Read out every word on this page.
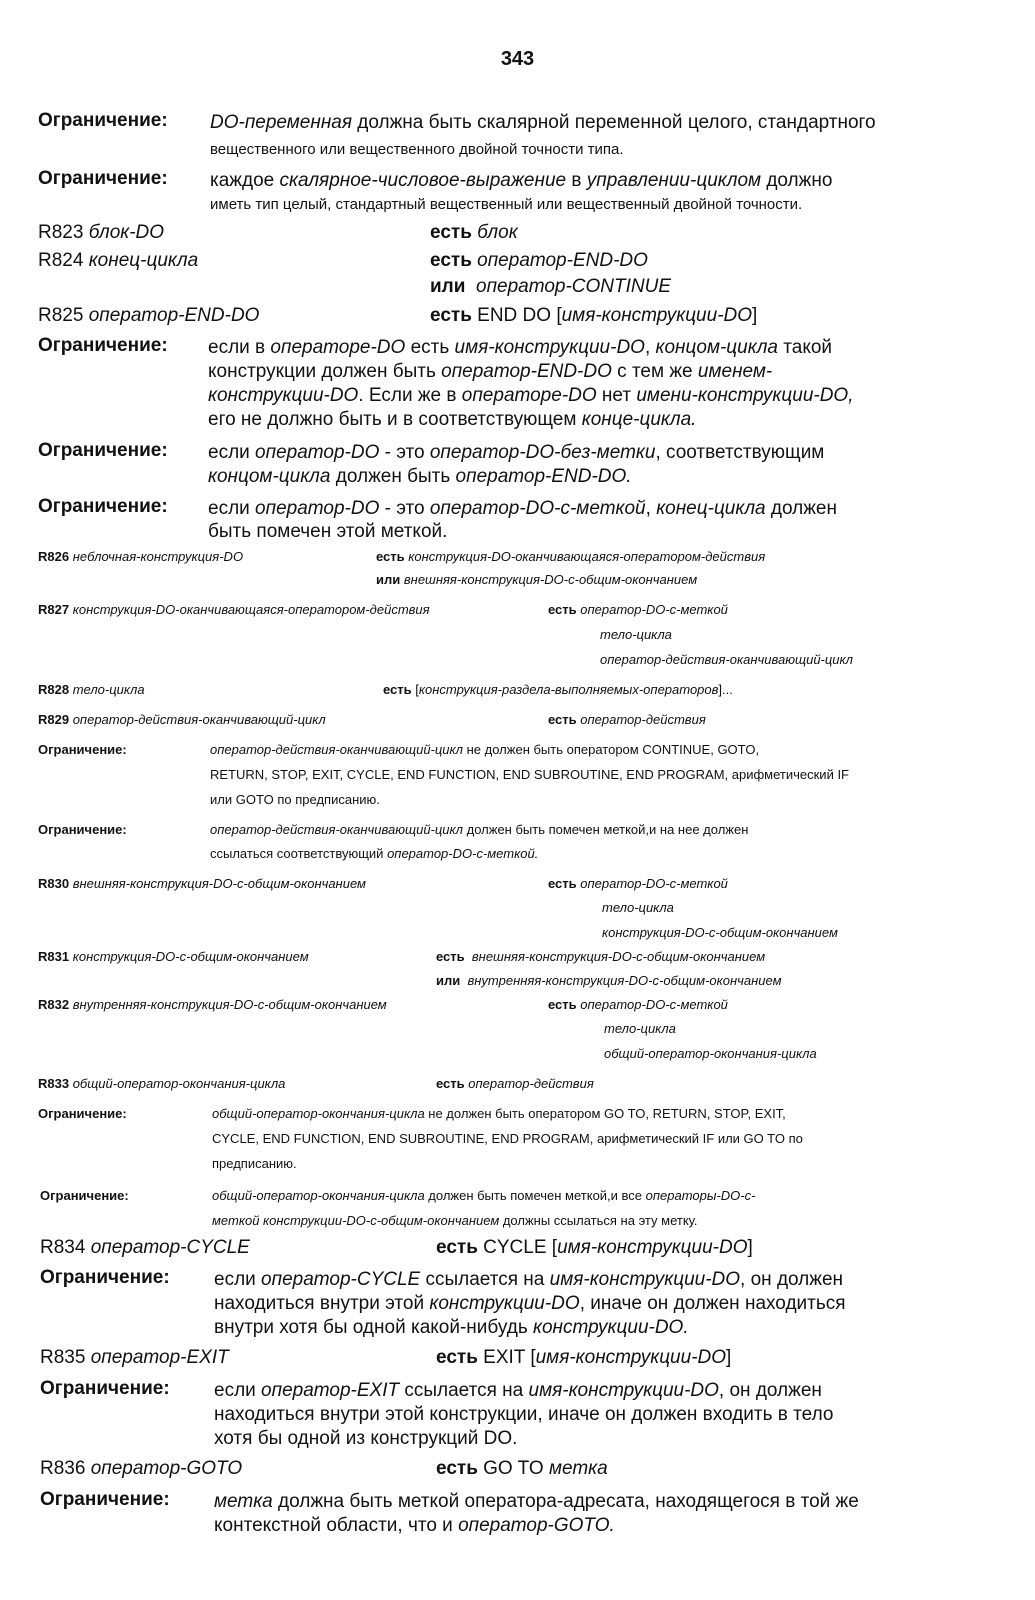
343
Ограничение: DO-переменная должна быть скалярной переменной целого, стандартного
вещественного или вещественного двойной точности типа.
Ограничение: каждое скалярное-числовое-выражение в управлении-циклом должно
иметь тип целый, стандартный вещественный или вещественный двойной точности.
R823 блок-DO	есть блок
R824 конец-цикла	есть оператор-END-DO
или оператор-CONTINUE
R825 оператор-END-DO	есть END DO [имя-конструкции-DO]
Ограничение: если в операторе-DO есть имя-конструкции-DO, концом-цикла такой
конструкции должен быть оператор-END-DO с тем же именем-
конструкции-DO. Если же в операторе-DO нет имени-конструкции-DO,
его не должно быть и в соответствующем конце-цикла.
Ограничение: если оператор-DO - это оператор-DO-без-метки, соответствующим
концом-цикла должен быть оператор-END-DO.
Ограничение: если оператор-DO - это оператор-DO-с-меткой, конец-цикла должен
быть помечен этой меткой.
R826 неблочная-конструкция-DO	есть конструкция-DO-оканчивающаяся-оператором-действия
или внешняя-конструкция-DO-с-общим-окончанием
R827 конструкция-DO-оканчивающаяся-оператором-действия	есть оператор-DO-с-меткой
тело-цикла
оператор-действия-оканчивающий-цикл
R828 тело-цикла	есть [конструкция-раздела-выполняемых-операторов]...
R829 оператор-действия-оканчивающий-цикл	есть оператор-действия
Ограничение:	оператор-действия-оканчивающий-цикл не должен быть оператором CONTINUE, GOTO,
RETURN, STOP, EXIT, CYCLE, END FUNCTION, END SUBROUTINE, END PROGRAM, арифметический IF
или GOTO по предписанию.
Ограничение:	оператор-действия-оканчивающий-цикл должен быть помечен меткой,и на нее должен
ссылаться соответствующий оператор-DO-с-меткой.
R830 внешняя-конструкция-DO-с-общим-окончанием	есть оператор-DO-с-меткой
тело-цикла
конструкция-DO-с-общим-окончанием
R831 конструкция-DO-с-общим-окончанием	есть внешняя-конструкция-DO-с-общим-окончанием
или внутренняя-конструкция-DO-с-общим-окончанием
R832 внутренняя-конструкция-DO-с-общим-окончанием	есть оператор-DO-с-меткой
тело-цикла
общий-оператор-окончания-цикла
R833 общий-оператор-окончания-цикла	есть оператор-действия
Ограничение:	общий-оператор-окончания-цикла не должен быть оператором GO TO, RETURN, STOP, EXIT,
CYCLE, END FUNCTION, END SUBROUTINE, END PROGRAM, арифметический IF или GO TO по
предписанию.
Ограничение:	общий-оператор-окончания-цикла должен быть помечен меткой,и все операторы-DO-с-
меткой конструкции-DO-с-общим-окончанием должны ссылаться на эту метку.
R834 оператор-CYCLE	есть CYCLE [имя-конструкции-DO]
Ограничение: если оператор-CYCLE ссылается на имя-конструкции-DO, он должен
находиться внутри этой конструкции-DO, иначе он должен находиться
внутри хотя бы одной какой-нибудь конструкции-DO.
R835 оператор-EXIT	есть EXIT [имя-конструкции-DO]
Ограничение: если оператор-EXIT ссылается на имя-конструкции-DO, он должен
находиться внутри этой конструкции, иначе он должен входить в тело
хотя бы одной из конструкций DO.
R836 оператор-GOTO	есть GO TO метка
Ограничение: метка должна быть меткой оператора-адресата, находящегося в той же
контекстной области, что и оператор-GOTO.
